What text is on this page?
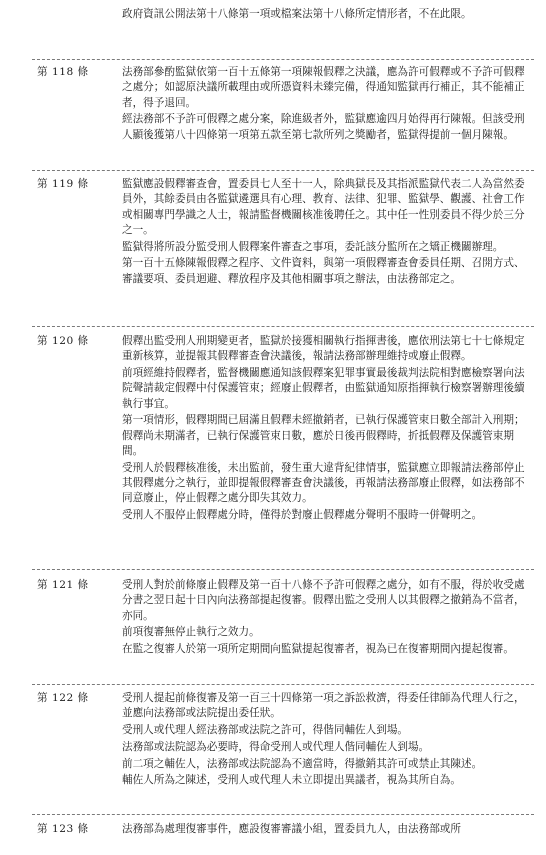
政府資訊公開法第十八條第一項或檔案法第十八條所定情形者，不在此限。

第 118 條	法務部參酌監獄依第一百十五條第一項陳報假釋之決議，應為許可假釋或不予許可假釋之處分；如認原決議所載理由或所憑資料未臻完備，得通知監獄再行補正，其不能補正者，得予退回。

經法務部不予許可假釋之處分案，除進級者外，監獄應逾四月始得再行陳報。但該受刑人顯後獲第八十四條第一項第五款至第七款所列之獎勵者，監獄得提前一個月陳報。

第 119 條	監獄應設假釋審查會，置委員七人至十一人，除典獄長及其指派監獄代表二人為當然委員外，其餘委員由各監獄遴選具有心理、教育、法律、犯罪、監獄學、觀護、社會工作或相關專門學識之人士，報請監督機關核准後聘任之。其中任一性別委員不得少於三分之一。

監獄得將所設分監受刑人假釋案件審查之事項，委託該分監所在之矯正機關辦理。

第一百十五條陳報假釋之程序、文件資料，與第一項假釋審查會委員任期、召開方式、審議要項、委員迴避、釋放程序及其他相關事項之辦法，由法務部定之。

第 120 條	假釋出監受刑人刑期變更者，監獄於接獲相關執行指揮書後，應依刑法第七十七條規定重新核算，並提報其假釋審查會決議後，報請法務部辦理維持或廢止假釋。

前項經維持假釋者，監督機關應通知該假釋案犯罪事實最後裁判法院相對應檢察署向法院聲請裁定假釋中付保護管束；經廢止假釋者，由監獄通知原指揮執行檢察署辦理後續執行事宜。

第一項情形，假釋期間已屆滿且假釋未經撤銷者，已執行保護管束日數全部計入刑期；假釋尚未期滿者，已執行保護管束日數，應於日後再假釋時，折抵假釋及保護管束期間。

受刑人於假釋核准後，未出監前，發生重大違背紀律情事，監獄應立即報請法務部停止其假釋處分之執行，並即提報假釋審查會決議後，再報請法務部廢止假釋，如法務部不同意廢止，停止假釋之處分即失其效力。

受刑人不服停止假釋處分時，僅得於對廢止假釋處分聲明不服時一併聲明之。

第 121 條	受刑人對於前條廢止假釋及第一百十八條不予許可假釋之處分，如有不服，得於收受處分書之翌日起十日內向法務部提起復審。假釋出監之受刑人以其假釋之撤銷為不當者，亦同。

前項復審無停止執行之效力。

在監之復審人於第一項所定期間向監獄提起復審者，視為已在復審期間內提起復審。

第 122 條	受刑人提起前條復審及第一百三十四條第一項之訴訟救濟，得委任律師為代理人行之，並應向法務部或法院提出委任狀。

受刑人或代理人經法務部或法院之許可，得偕同輔佐人到場。

法務部或法院認為必要時，得命受刑人或代理人偕同輔佐人到場。

前二項之輔佐人，法務部或法院認為不適當時，得撤銷其許可或禁止其陳述。

輔佐人所為之陳述，受刑人或代理人未立即提出異議者，視為其所自為。

第 123 條	法務部為處理復審事件，應設復審審議小組，置委員九人，由法務部或所
